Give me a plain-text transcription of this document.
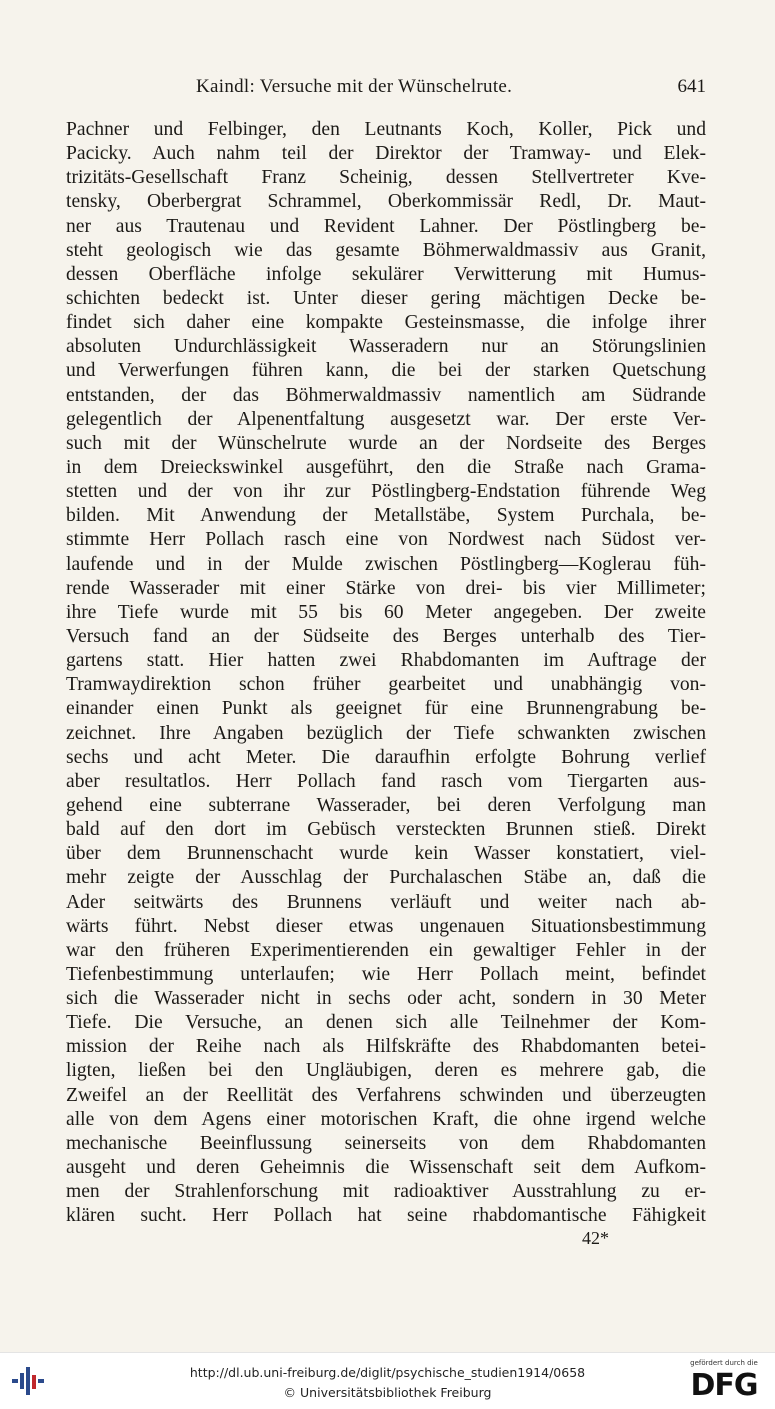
Kaindl: Versuche mit der Wünschelrute.	641
Pachner und Felbinger, den Leutnants Koch, Koller, Pick und
Pacicky. Auch nahm teil der Direktor der Tramway- und Elek-
trizitäts-Gesellschaft Franz Scheinig, dessen Stellvertreter Kve-
tensky, Oberbergrat Schrammel, Oberkommissär Redl, Dr. Maut-
ner aus Trautenau und Revident Lahner. Der Pöstlingberg be-
steht geologisch wie das gesamte Böhmerwaldmassiv aus Granit,
dessen Oberfläche infolge sekulärer Verwitterung mit Humus-
schichten bedeckt ist. Unter dieser gering mächtigen Decke be-
findet sich daher eine kompakte Gesteinsmasse, die infolge ihrer
absoluten Undurchlässigkeit Wasseradern nur an Störungslinien
und Verwerfungen führen kann, die bei der starken Quetschung
entstanden, der das Böhmerwaldmassiv namentlich am Südrande
gelegentlich der Alpenentfaltung ausgesetzt war. Der erste Ver-
such mit der Wünschelrute wurde an der Nordseite des Berges
in dem Dreieckswinkel ausgeführt, den die Straße nach Grama-
stetten und der von ihr zur Pöstlingberg-Endstation führende Weg
bilden. Mit Anwendung der Metallstäbe, System Purchala, be-
stimmte Herr Pollach rasch eine von Nordwest nach Südost ver-
laufende und in der Mulde zwischen Pöstlingberg—Koglerau füh-
rende Wasserader mit einer Stärke von drei- bis vier Millimeter;
ihre Tiefe wurde mit 55 bis 60 Meter angegeben. Der zweite
Versuch fand an der Südseite des Berges unterhalb des Tier-
gartens statt. Hier hatten zwei Rhabdomanten im Auftrage der
Tramwaydirektion schon früher gearbeitet und unabhängig von-
einander einen Punkt als geeignet für eine Brunnengrabung be-
zeichnet. Ihre Angaben bezüglich der Tiefe schwankten zwischen
sechs und acht Meter. Die daraufhin erfolgte Bohrung verlief
aber resultatlos. Herr Pollach fand rasch vom Tiergarten aus-
gehend eine subterrane Wasserader, bei deren Verfolgung man
bald auf den dort im Gebüsch versteckten Brunnen stieß. Direkt
über dem Brunnenschacht wurde kein Wasser konstatiert, viel-
mehr zeigte der Ausschlag der Purchalaschen Stäbe an, daß die
Ader seitwärts des Brunnens verläuft und weiter nach ab-
wärts führt. Nebst dieser etwas ungenauen Situationsbestimmung
war den früheren Experimentierenden ein gewaltiger Fehler in der
Tiefenbestimmung unterlaufen; wie Herr Pollach meint, befindet
sich die Wasserader nicht in sechs oder acht, sondern in 30 Meter
Tiefe. Die Versuche, an denen sich alle Teilnehmer der Kom-
mission der Reihe nach als Hilfskräfte des Rhabdomanten betei-
ligten, ließen bei den Ungläubigen, deren es mehrere gab, die
Zweifel an der Reellität des Verfahrens schwinden und überzeugten
alle von dem Agens einer motorischen Kraft, die ohne irgend welche
mechanische Beeinflussung seinerseits von dem Rhabdomanten
ausgeht und deren Geheimnis die Wissenschaft seit dem Aufkom-
men der Strahlenforschung mit radioaktiver Ausstrahlung zu er-
klären sucht. Herr Pollach hat seine rhabdomantische Fähigkeit
42*
http://dl.ub.uni-freiburg.de/diglit/psychische_studien1914/0658
© Universitätsbibliothek Freiburg
gefördert durch die
DFG
